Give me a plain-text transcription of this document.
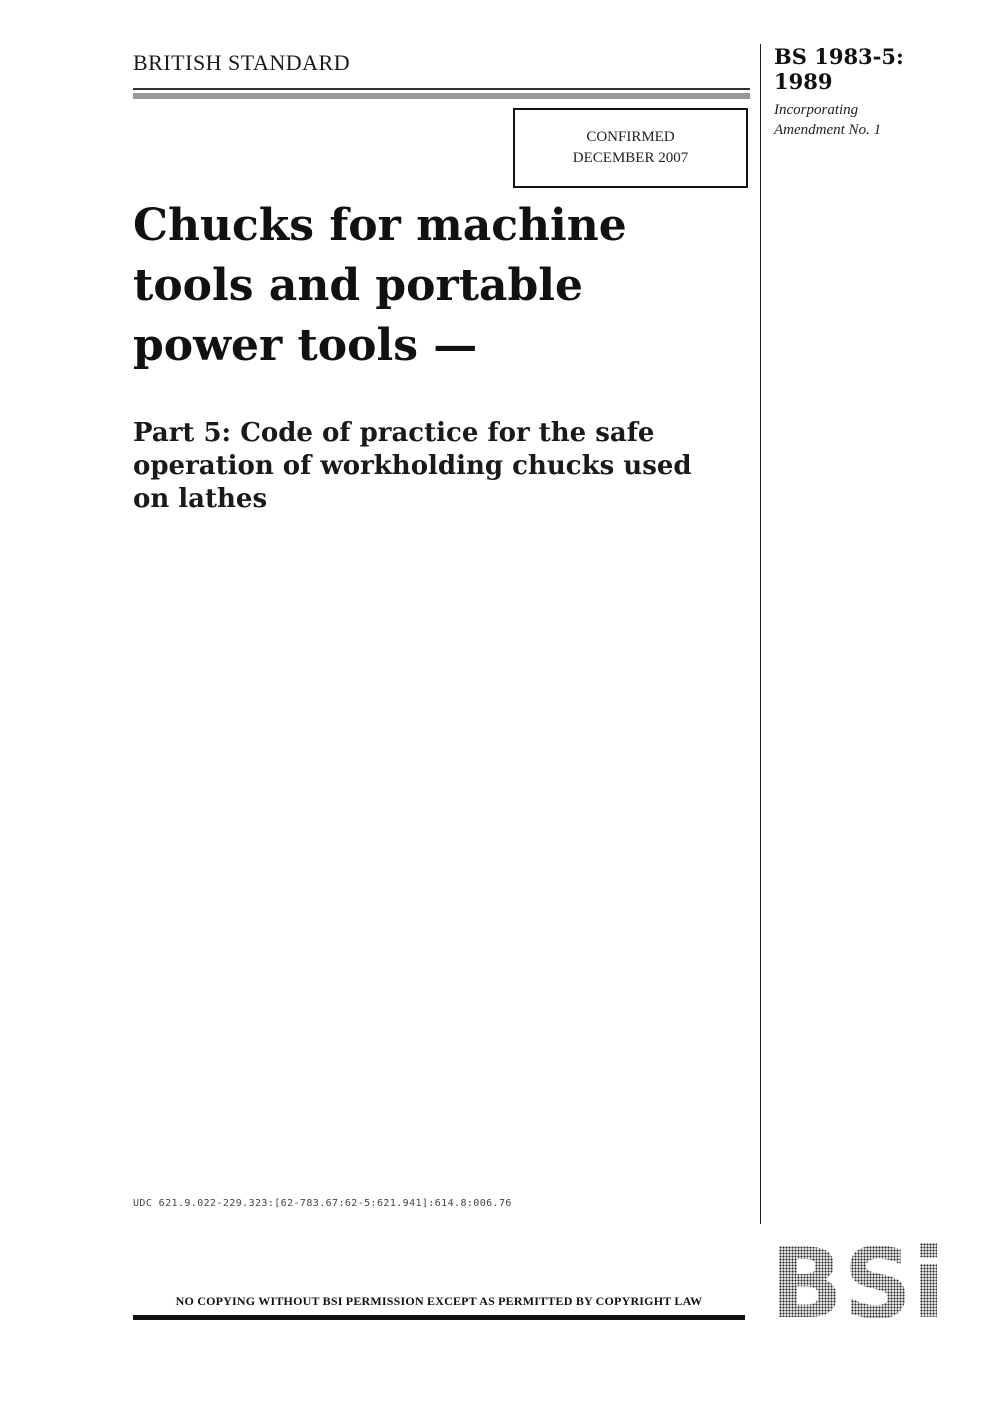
BRITISH STANDARD	BS 1983-5:
1989
Incorporating
Amendment No. 1
CONFIRMED
DECEMBER 2007
Chucks for machine
tools and portable
power tools —
Part 5: Code of practice for the safe
operation of workholding chucks used
on lathes
UDC 621.9.022-229.323:[62-783.67:62-5:621.941]:614.8:006.76
NO COPYING WITHOUT BSI PERMISSION EXCEPT AS PERMITTED BY COPYRIGHT LAW BSi
